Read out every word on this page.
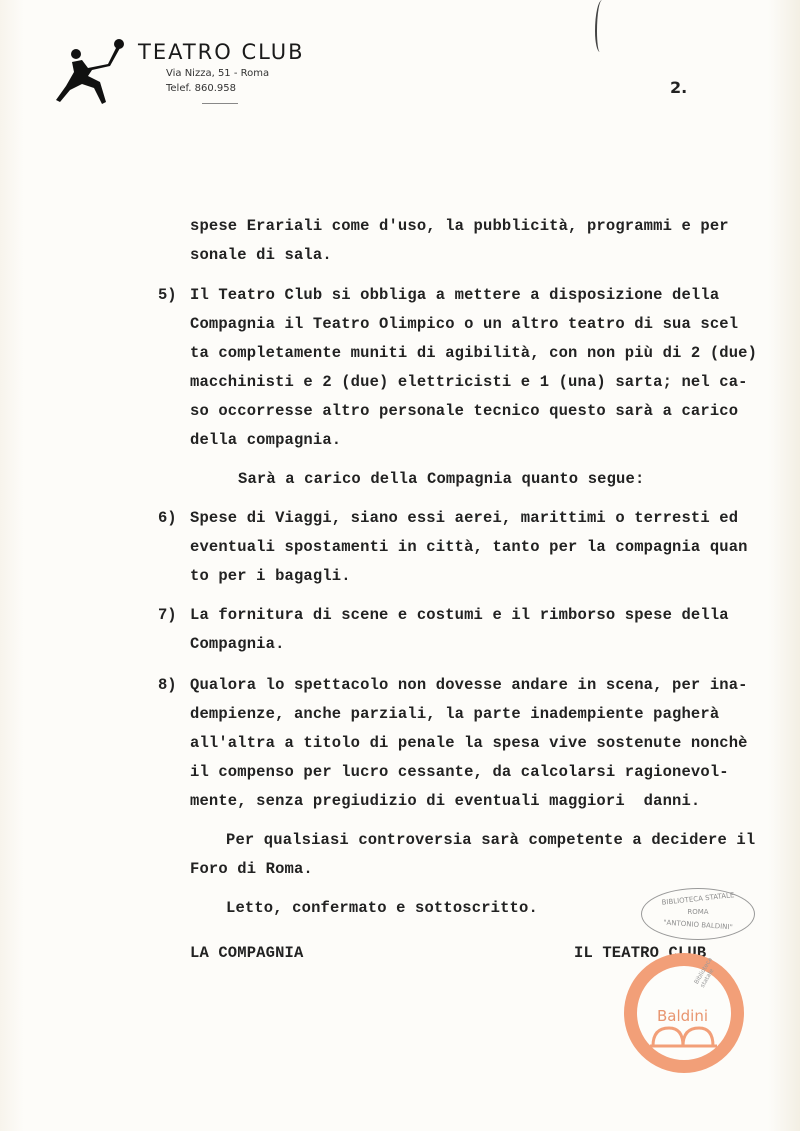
TEATRO CLUB
Via Nizza, 51 - Roma
Telef. 860.958	2.
spese Erariali come d'uso, la pubblicità, programmi e per
sonale di sala.
5) Il Teatro Club si obbliga a mettere a disposizione della
Compagnia il Teatro Olimpico o un altro teatro di sua scel
ta completamente muniti di agibilità, con non più di 2 (due)
macchinisti e 2 (due) elettricisti e 1 (una) sarta; nel ca-
so occorresse altro personale tecnico questo sarà a carico
della compagnia.
Sarà a carico della Compagnia quanto segue:
6) Spese di Viaggi, siano essi aerei, marittimi o terresti ed
eventuali spostamenti in città, tanto per la compagnia quan
to per i bagagli.
7) La fornitura di scene e costumi e il rimborso spese della
Compagnia.
8) Qualora lo spettacolo non dovesse andare in scena, per ina-
dempienze, anche parziali, la parte inadempiente pagherà
all'altra a titolo di penale la spesa vive sostenute nonchè
il compenso per lucro cessante, da calcolarsi ragionevol-
mente, senza pregiudizio di eventuali maggiori  danni.
Per qualsiasi controversia sarà competente a decidere il
Foro di Roma.
Letto, confermato e sottoscritto.
LA COMPAGNIA	IL TEATRO CLUB
BIBLIOTECA STATALE
ROMA
"ANTONIO BALDINI"
Biblioteca statale
Baldini
